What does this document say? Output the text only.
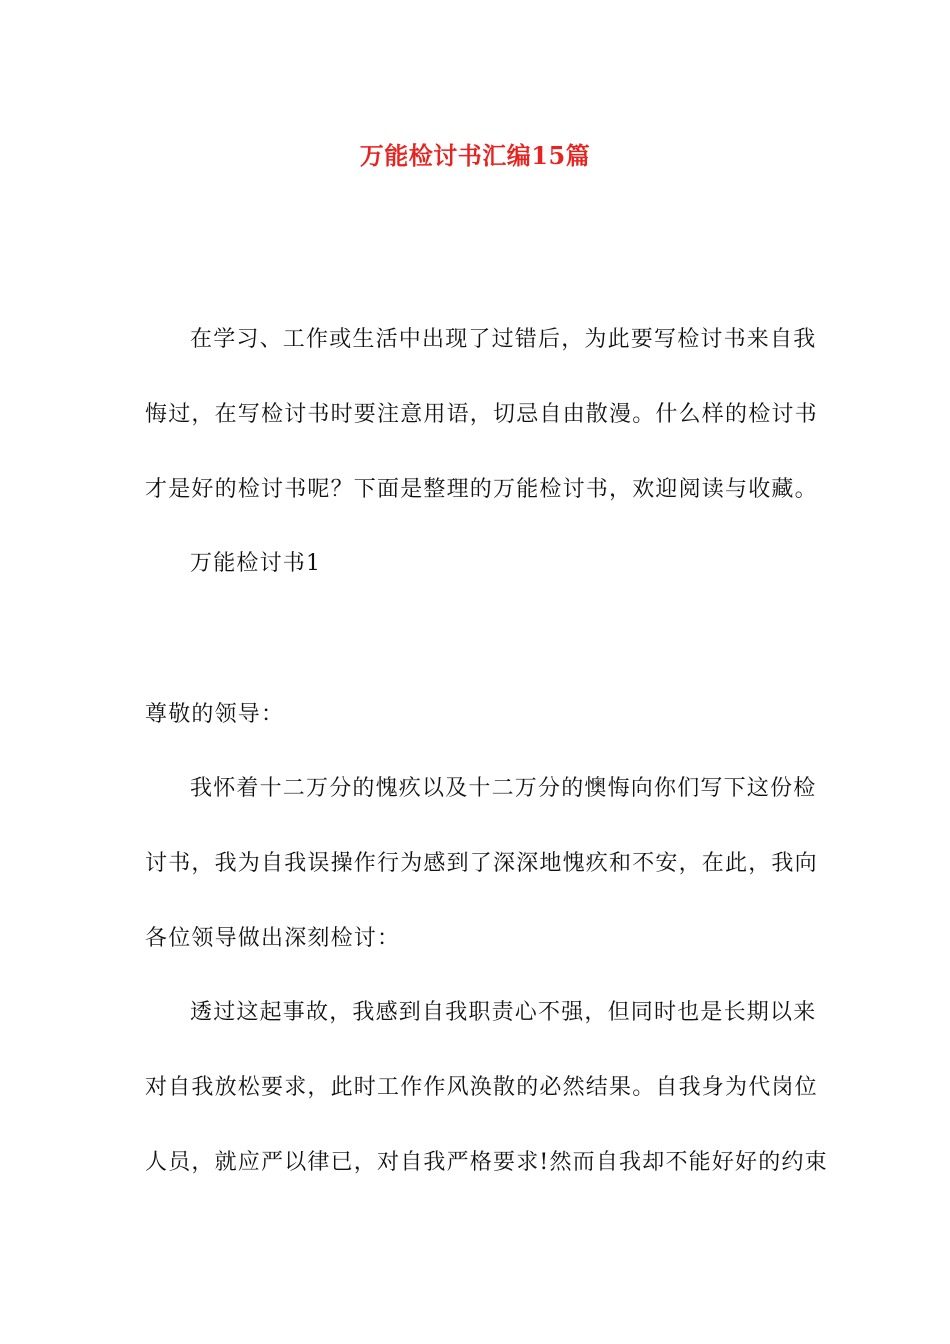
万能检讨书汇编15篇
在学习、工作或生活中出现了过错后，为此要写检讨书来自我
悔过，在写检讨书时要注意用语，切忌自由散漫。什么样的检讨书
才是好的检讨书呢？下面是整理的万能检讨书，欢迎阅读与收藏。
万能检讨书1
尊敬的领导：
我怀着十二万分的愧疚以及十二万分的懊悔向你们写下这份检
讨书，我为自我误操作行为感到了深深地愧疚和不安，在此，我向
各位领导做出深刻检讨：
透过这起事故，我感到自我职责心不强，但同时也是长期以来
对自我放松要求，此时工作作风涣散的必然结果。自我身为代岗位
人员，就应严以律已，对自我严格要求!然而自我却不能好好的约束
